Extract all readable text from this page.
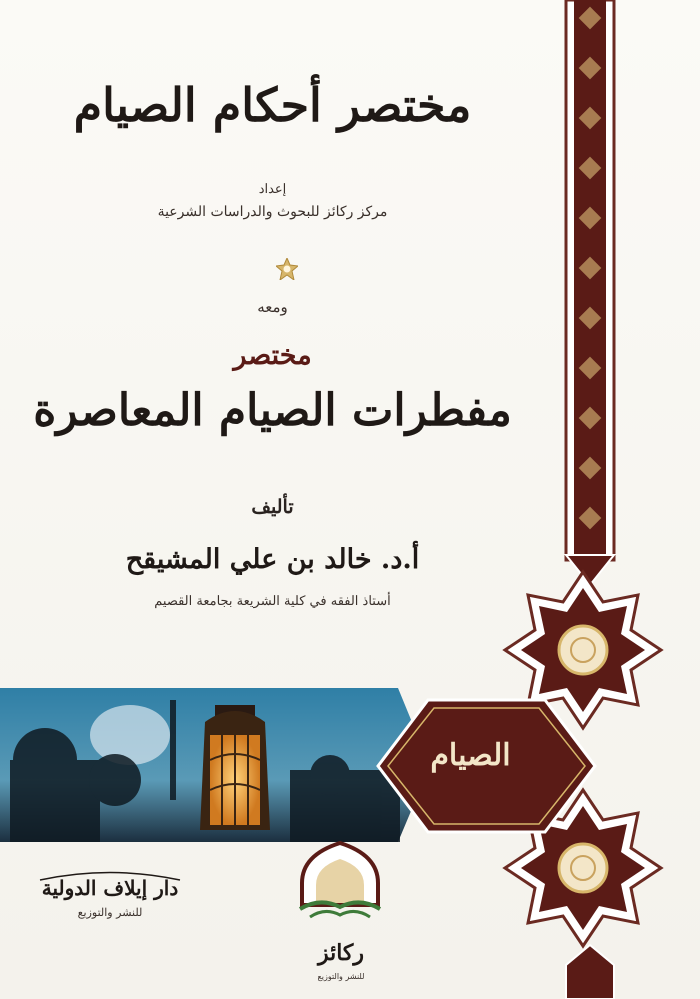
مختصر أحكام الصيام
إعداد
مركز ركائز للبحوث والدراسات الشرعية
ومعه
مختصر
مفطرات الصيام المعاصرة
تأليف
أ.د. خالد بن علي المشيقح
أستاذ الفقه في كلية الشريعة بجامعة القصيم
الصيام
دار إيلاف الدولية
للنشر والتوزيع
ركائز
للنشر والتوزيع
